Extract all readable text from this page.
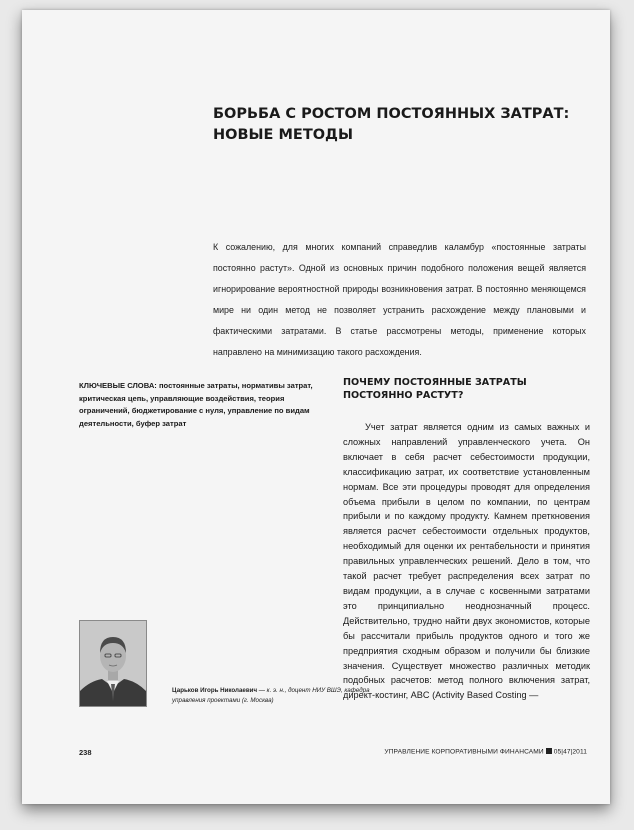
БОРЬБА С РОСТОМ ПОСТОЯННЫХ ЗАТРАТ: НОВЫЕ МЕТОДЫ

К сожалению, для многих компаний справедлив каламбур «постоянные затраты постоянно растут». Одной из основных причин подобного положения вещей является игнорирование вероятностной природы возникновения затрат. В постоянно меняющемся мире ни один метод не позволяет устранить расхождение между плановыми и фактическими затратами. В статье рассмотрены методы, применение которых направлено на минимизацию такого расхождения.

КЛЮЧЕВЫЕ СЛОВА: постоянные затраты, нормативы затрат, критическая цепь, управляющие воздействия, теория ограничений, бюджетирование с нуля, управление по видам деятельности, буфер затрат

ПОЧЕМУ ПОСТОЯННЫЕ ЗАТРАТЫ ПОСТОЯННО РАСТУТ?

Учет затрат является одним из самых важных и сложных направлений управленческого учета. Он включает в себя расчет себестоимости продукции, классификацию затрат, их соответствие установленным нормам. Все эти процедуры проводят для определения объема прибыли в целом по компании, по центрам прибыли и по каждому продукту. Камнем преткновения является расчет себестоимости отдельных продуктов, необходимый для оценки их рентабельности и принятия правильных управленческих решений. Дело в том, что такой расчет требует распределения всех затрат по видам продукции, а в случае с косвенными затратами это принципиально неоднозначный процесс. Действительно, трудно найти двух экономистов, которые бы рассчитали прибыль продуктов одного и того же предприятия сходным образом и получили бы близкие значения. Существует множество различных методик подобных расчетов: метод полного включения затрат, директ-костинг, ABC (Activity Based Costing —

Царьков Игорь Николаевич — к. э. н., доцент НИУ ВШЭ, кафедра управления проектами (г. Москва)

238	УПРАВЛЕНИЕ КОРПОРАТИВНЫМИ ФИНАНСАМИ 05|47|2011
